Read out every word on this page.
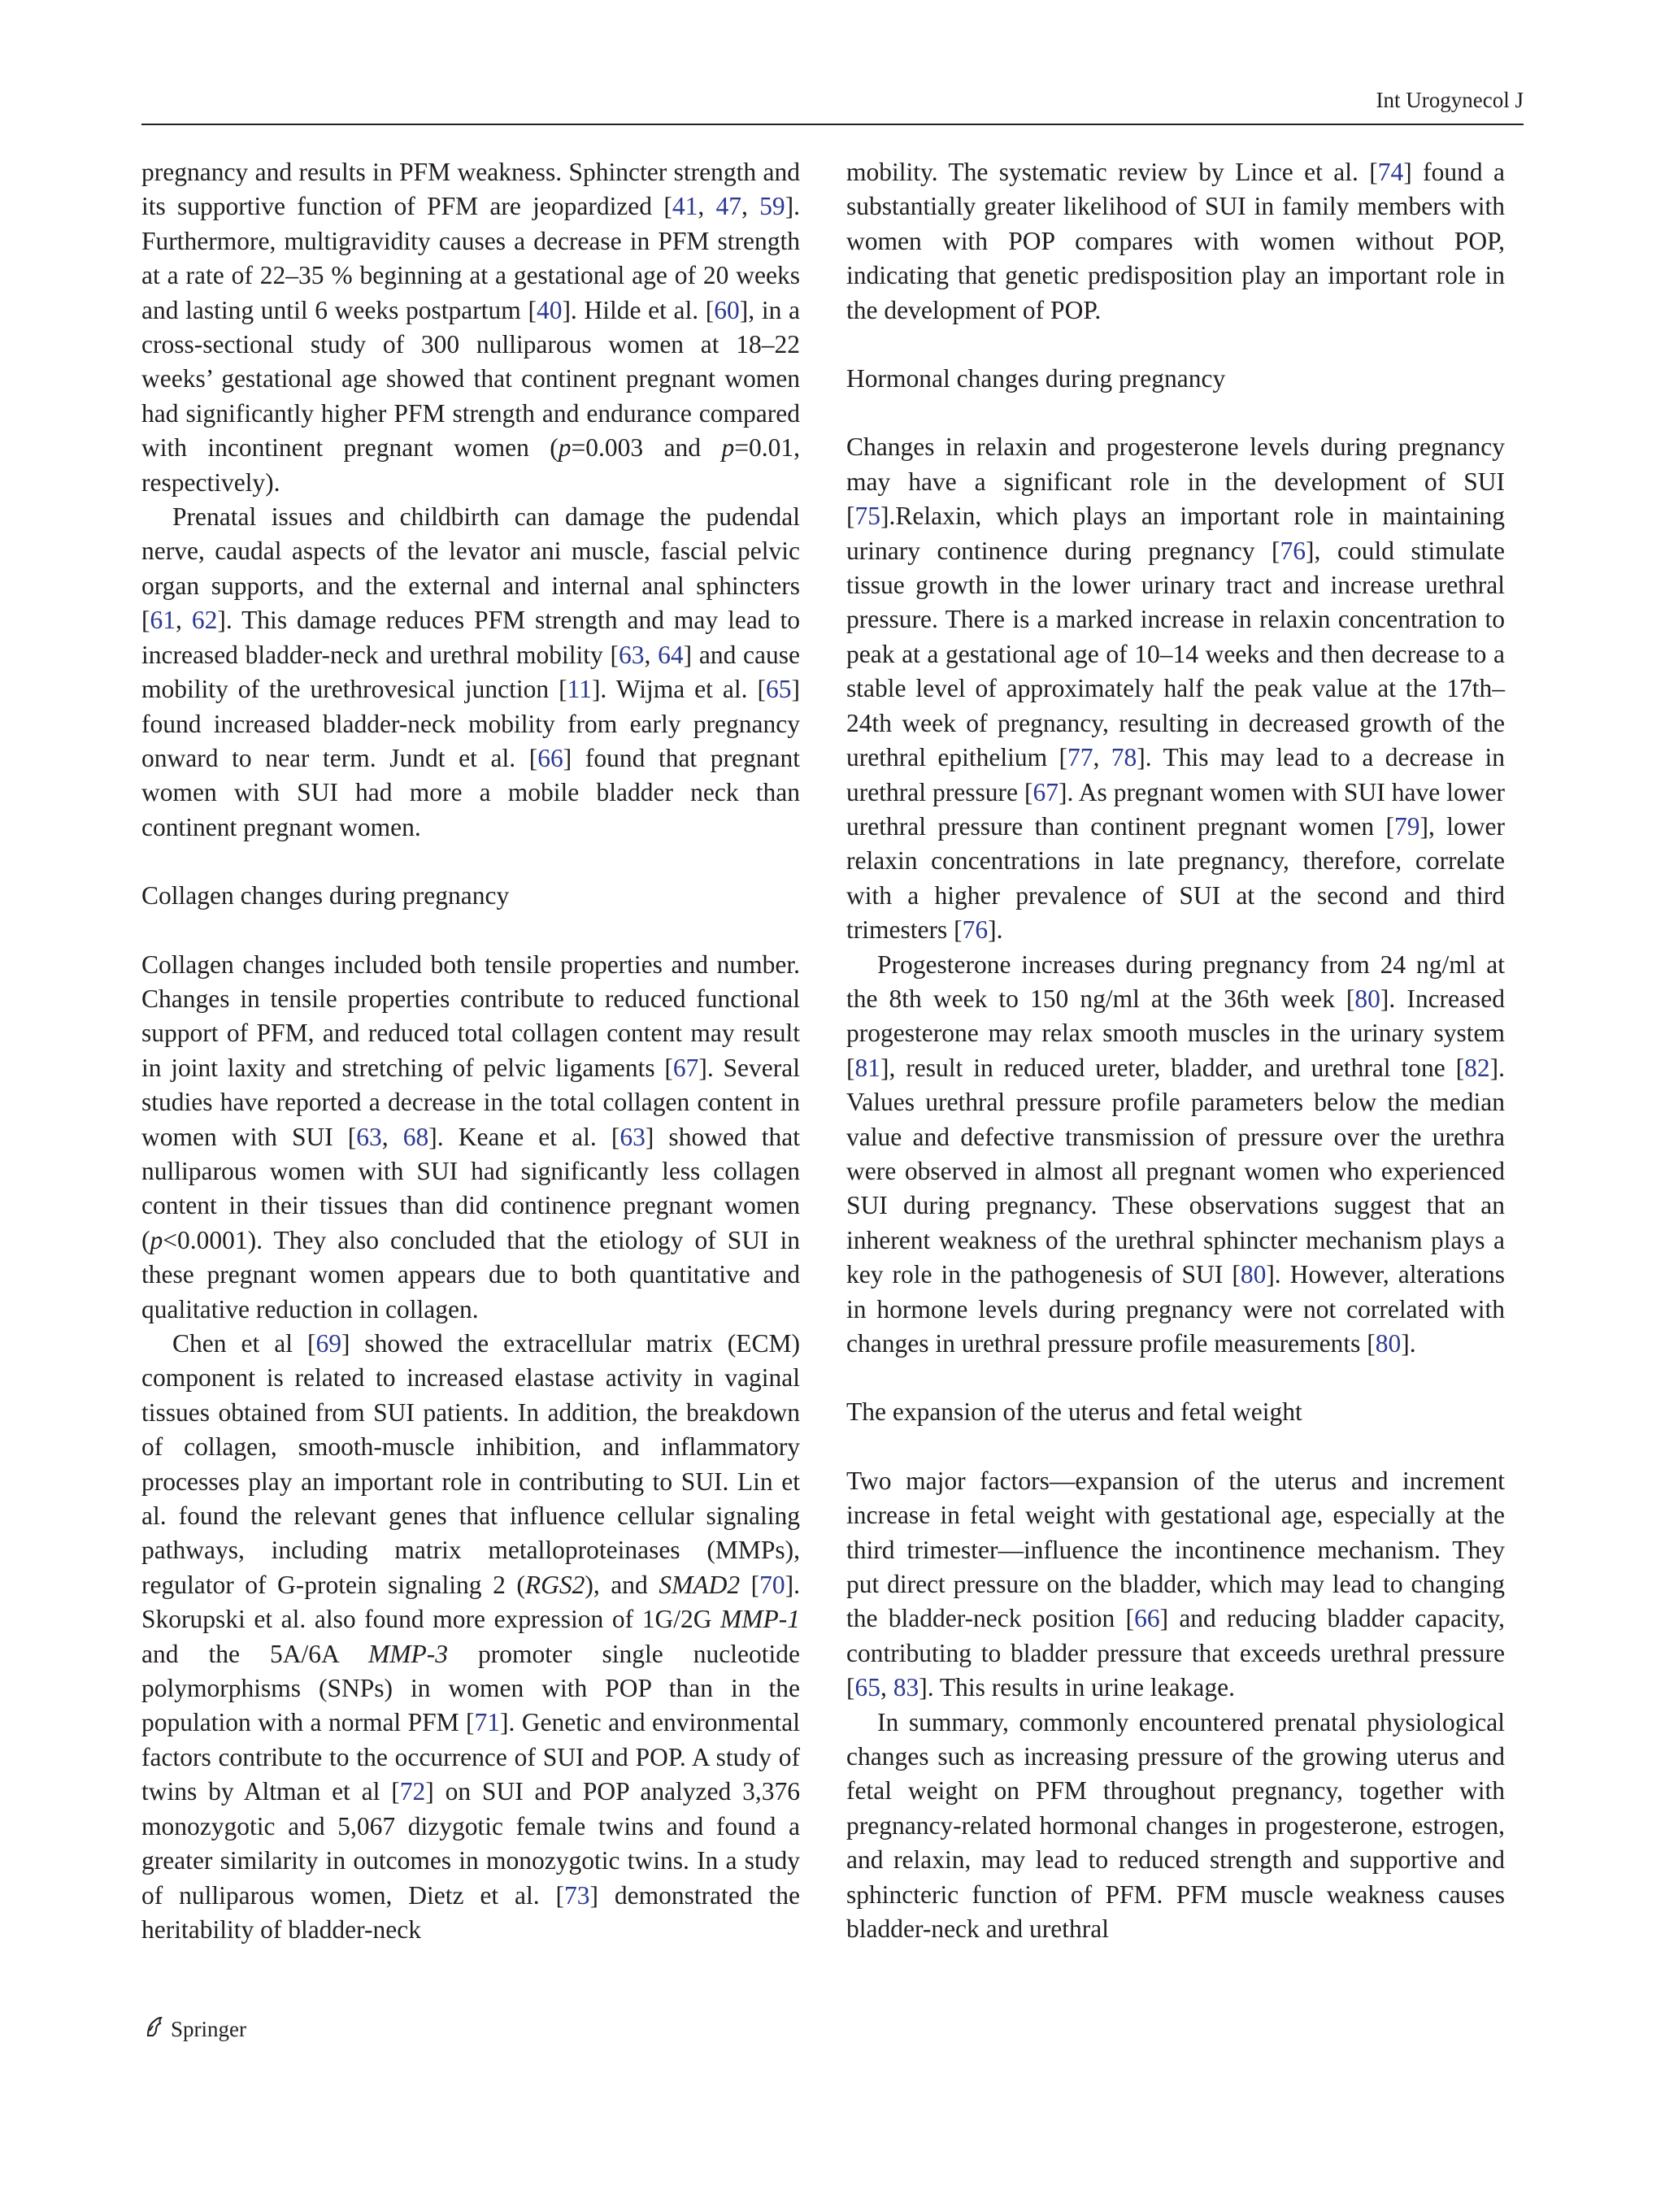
Int Urogynecol J

pregnancy and results in PFM weakness. Sphincter strength and its supportive function of PFM are jeopardized [41, 47, 59]. Furthermore, multigravidity causes a decrease in PFM strength at a rate of 22–35 % beginning at a gestational age of 20 weeks and lasting until 6 weeks postpartum [40]. Hilde et al. [60], in a cross-sectional study of 300 nulliparous women at 18–22 weeks’ gestational age showed that continent pregnant women had significantly higher PFM strength and endurance compared with incontinent pregnant women (p=0.003 and p=0.01, respectively).

Prenatal issues and childbirth can damage the pudendal nerve, caudal aspects of the levator ani muscle, fascial pelvic organ supports, and the external and internal anal sphincters [61, 62]. This damage reduces PFM strength and may lead to increased bladder-neck and urethral mobility [63, 64] and cause mobility of the urethrovesical junction [11]. Wijma et al. [65] found increased bladder-neck mobility from early pregnancy onward to near term. Jundt et al. [66] found that pregnant women with SUI had more a mobile bladder neck than continent pregnant women.

Collagen changes during pregnancy

Collagen changes included both tensile properties and number. Changes in tensile properties contribute to reduced functional support of PFM, and reduced total collagen content may result in joint laxity and stretching of pelvic ligaments [67]. Several studies have reported a decrease in the total collagen content in women with SUI [63, 68]. Keane et al. [63] showed that nulliparous women with SUI had significantly less collagen content in their tissues than did continence pregnant women (p<0.0001). They also concluded that the etiology of SUI in these pregnant women appears due to both quantitative and qualitative reduction in collagen.

Chen et al [69] showed the extracellular matrix (ECM) component is related to increased elastase activity in vaginal tissues obtained from SUI patients. In addition, the breakdown of collagen, smooth-muscle inhibition, and inflammatory processes play an important role in contributing to SUI. Lin et al. found the relevant genes that influence cellular signaling pathways, including matrix metalloproteinases (MMPs), regulator of G-protein signaling 2 (RGS2), and SMAD2 [70]. Skorupski et al. also found more expression of 1G/2G MMP-1 and the 5A/6A MMP-3 promoter single nucleotide polymorphisms (SNPs) in women with POP than in the population with a normal PFM [71]. Genetic and environmental factors contribute to the occurrence of SUI and POP. A study of twins by Altman et al [72] on SUI and POP analyzed 3,376 monozygotic and 5,067 dizygotic female twins and found a greater similarity in outcomes in monozygotic twins. In a study of nulliparous women, Dietz et al. [73] demonstrated the heritability of bladder-neck

mobility. The systematic review by Lince et al. [74] found a substantially greater likelihood of SUI in family members with women with POP compares with women without POP, indicating that genetic predisposition play an important role in the development of POP.

Hormonal changes during pregnancy

Changes in relaxin and progesterone levels during pregnancy may have a significant role in the development of SUI [75].Relaxin, which plays an important role in maintaining urinary continence during pregnancy [76], could stimulate tissue growth in the lower urinary tract and increase urethral pressure. There is a marked increase in relaxin concentration to peak at a gestational age of 10–14 weeks and then decrease to a stable level of approximately half the peak value at the 17th–24th week of pregnancy, resulting in decreased growth of the urethral epithelium [77, 78]. This may lead to a decrease in urethral pressure [67]. As pregnant women with SUI have lower urethral pressure than continent pregnant women [79], lower relaxin concentrations in late pregnancy, therefore, correlate with a higher prevalence of SUI at the second and third trimesters [76].

Progesterone increases during pregnancy from 24 ng/ml at the 8th week to 150 ng/ml at the 36th week [80]. Increased progesterone may relax smooth muscles in the urinary system [81], result in reduced ureter, bladder, and urethral tone [82]. Values urethral pressure profile parameters below the median value and defective transmission of pressure over the urethra were observed in almost all pregnant women who experienced SUI during pregnancy. These observations suggest that an inherent weakness of the urethral sphincter mechanism plays a key role in the pathogenesis of SUI [80]. However, alterations in hormone levels during pregnancy were not correlated with changes in urethral pressure profile measurements [80].

The expansion of the uterus and fetal weight

Two major factors—expansion of the uterus and increment increase in fetal weight with gestational age, especially at the third trimester—influence the incontinence mechanism. They put direct pressure on the bladder, which may lead to changing the bladder-neck position [66] and reducing bladder capacity, contributing to bladder pressure that exceeds urethral pressure [65, 83]. This results in urine leakage.

In summary, commonly encountered prenatal physiological changes such as increasing pressure of the growing uterus and fetal weight on PFM throughout pregnancy, together with pregnancy-related hormonal changes in progesterone, estrogen, and relaxin, may lead to reduced strength and supportive and sphincteric function of PFM. PFM muscle weakness causes bladder-neck and urethral

Springer
